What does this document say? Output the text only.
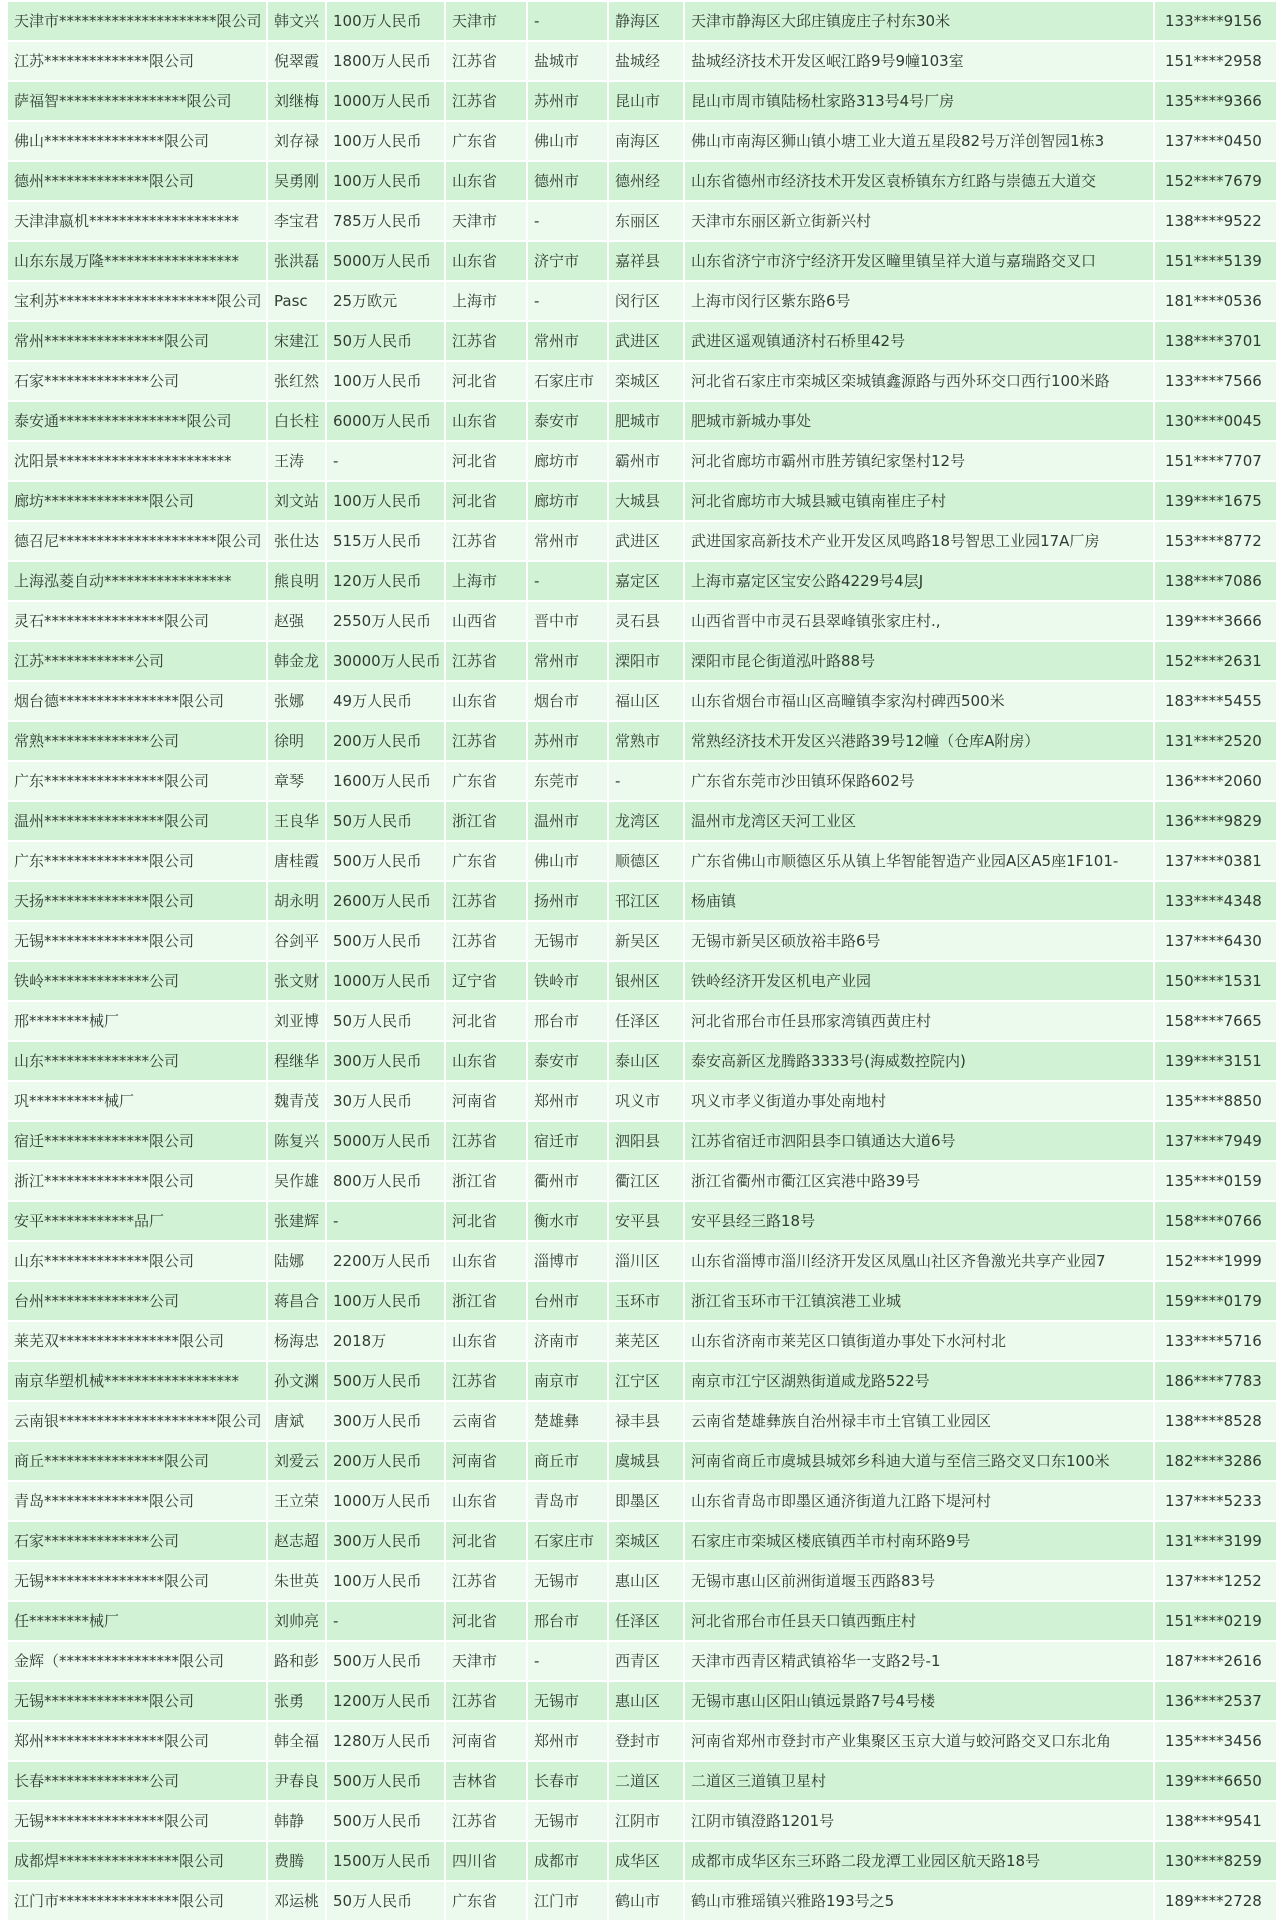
天津市*********************限公司	韩文兴	100万人民币	天津市	-	静海区	天津市静海区大邱庄镇庞庄子村东30米	133****9156
江苏**************限公司	倪翠霞	1800万人民币	江苏省	盐城市	盐城经	盐城经济技术开发区岷江路9号9幢103室	151****2958
萨福智*****************限公司	刘继梅	1000万人民币	江苏省	苏州市	昆山市	昆山市周市镇陆杨杜家路313号4号厂房	135****9366
佛山****************限公司	刘存禄	100万人民币	广东省	佛山市	南海区	佛山市南海区狮山镇小塘工业大道五星段82号万洋创智园1栋3	137****0450
德州**************限公司	吴勇刚	100万人民币	山东省	德州市	德州经	山东省德州市经济技术开发区袁桥镇东方红路与崇德五大道交	152****7679
天津津嬴机********************	李宝君	785万人民币	天津市	-	东丽区	天津市东丽区新立街新兴村	138****9522
山东东晟万隆******************	张洪磊	5000万人民币	山东省	济宁市	嘉祥县	山东省济宁市济宁经济开发区疃里镇呈祥大道与嘉瑞路交叉口	151****5139
宝利苏*********************限公司	Pasc	25万欧元	上海市	-	闵行区	上海市闵行区紫东路6号	181****0536
常州****************限公司	宋建江	50万人民币	江苏省	常州市	武进区	武进区遥观镇通济村石桥里42号	138****3701
石家**************公司	张红然	100万人民币	河北省	石家庄市	栾城区	河北省石家庄市栾城区栾城镇鑫源路与西外环交口西行100米路	133****7566
泰安通*****************限公司	白长柱	6000万人民币	山东省	泰安市	肥城市	肥城市新城办事处	130****0045
沈阳景***********************	王涛	-	河北省	廊坊市	霸州市	河北省廊坊市霸州市胜芳镇纪家堡村12号	151****7707
廊坊**************限公司	刘文站	100万人民币	河北省	廊坊市	大城县	河北省廊坊市大城县臧屯镇南崔庄子村	139****1675
德召尼*********************限公司	张仕达	515万人民币	江苏省	常州市	武进区	武进国家高新技术产业开发区凤鸣路18号智思工业园17A厂房	153****8772
上海泓菱自动*****************	熊良明	120万人民币	上海市	-	嘉定区	上海市嘉定区宝安公路4229号4层J	138****7086
灵石****************限公司	赵强	2550万人民币	山西省	晋中市	灵石县	山西省晋中市灵石县翠峰镇张家庄村.,	139****3666
江苏************公司	韩金龙	30000万人民币	江苏省	常州市	溧阳市	溧阳市昆仑街道泓叶路88号	152****2631
烟台德****************限公司	张娜	49万人民币	山东省	烟台市	福山区	山东省烟台市福山区高疃镇李家沟村碑西500米	183****5455
常熟**************公司	徐明	200万人民币	江苏省	苏州市	常熟市	常熟经济技术开发区兴港路39号12幢（仓库A附房）	131****2520
广东****************限公司	章琴	1600万人民币	广东省	东莞市	-	广东省东莞市沙田镇环保路602号	136****2060
温州****************限公司	王良华	50万人民币	浙江省	温州市	龙湾区	温州市龙湾区天河工业区	136****9829
广东**************限公司	唐桂霞	500万人民币	广东省	佛山市	顺德区	广东省佛山市顺德区乐从镇上华智能智造产业园A区A5座1F101-	137****0381
天扬**************限公司	胡永明	2600万人民币	江苏省	扬州市	邗江区	杨庙镇	133****4348
无锡**************限公司	谷剑平	500万人民币	江苏省	无锡市	新吴区	无锡市新吴区硕放裕丰路6号	137****6430
铁岭**************公司	张文财	1000万人民币	辽宁省	铁岭市	银州区	铁岭经济开发区机电产业园	150****1531
邢********械厂	刘亚博	50万人民币	河北省	邢台市	任泽区	河北省邢台市任县邢家湾镇西黄庄村	158****7665
山东**************公司	程继华	300万人民币	山东省	泰安市	泰山区	泰安高新区龙腾路3333号(海威数控院内)	139****3151
巩**********械厂	魏青茂	30万人民币	河南省	郑州市	巩义市	巩义市孝义街道办事处南地村	135****8850
宿迁**************限公司	陈复兴	5000万人民币	江苏省	宿迁市	泗阳县	江苏省宿迁市泗阳县李口镇通达大道6号	137****7949
浙江**************限公司	吴作雄	800万人民币	浙江省	衢州市	衢江区	浙江省衢州市衢江区宾港中路39号	135****0159
安平************品厂	张建辉	-	河北省	衡水市	安平县	安平县经三路18号	158****0766
山东**************限公司	陆娜	2200万人民币	山东省	淄博市	淄川区	山东省淄博市淄川经济开发区凤凰山社区齐鲁激光共享产业园7	152****1999
台州**************公司	蒋昌合	100万人民币	浙江省	台州市	玉环市	浙江省玉环市干江镇滨港工业城	159****0179
莱芜双****************限公司	杨海忠	2018万	山东省	济南市	莱芜区	山东省济南市莱芜区口镇街道办事处下水河村北	133****5716
南京华塑机械******************	孙文渊	500万人民币	江苏省	南京市	江宁区	南京市江宁区湖熟街道咸龙路522号	186****7783
云南银*********************限公司	唐斌	300万人民币	云南省	楚雄彝	禄丰县	云南省楚雄彝族自治州禄丰市土官镇工业园区	138****8528
商丘****************限公司	刘爱云	200万人民币	河南省	商丘市	虞城县	河南省商丘市虞城县城郊乡科迪大道与至信三路交叉口东100米	182****3286
青岛**************限公司	王立荣	1000万人民币	山东省	青岛市	即墨区	山东省青岛市即墨区通济街道九江路下堤河村	137****5233
石家**************公司	赵志超	300万人民币	河北省	石家庄市	栾城区	石家庄市栾城区楼底镇西羊市村南环路9号	131****3199
无锡****************限公司	朱世英	100万人民币	江苏省	无锡市	惠山区	无锡市惠山区前洲街道堰玉西路83号	137****1252
任********械厂	刘帅亮	-	河北省	邢台市	任泽区	河北省邢台市任县天口镇西甄庄村	151****0219
金辉（****************限公司	路和彭	500万人民币	天津市	-	西青区	天津市西青区精武镇裕华一支路2号-1	187****2616
无锡**************限公司	张勇	1200万人民币	江苏省	无锡市	惠山区	无锡市惠山区阳山镇远景路7号4号楼	136****2537
郑州****************限公司	韩全福	1280万人民币	河南省	郑州市	登封市	河南省郑州市登封市产业集聚区玉京大道与蛟河路交叉口东北角	135****3456
长春**************公司	尹春良	500万人民币	吉林省	长春市	二道区	二道区三道镇卫星村	139****6650
无锡****************限公司	韩静	500万人民币	江苏省	无锡市	江阴市	江阴市镇澄路1201号	138****9541
成都焊****************限公司	费腾	1500万人民币	四川省	成都市	成华区	成都市成华区东三环路二段龙潭工业园区航天路18号	130****8259
江门市****************限公司	邓运桃	50万人民币	广东省	江门市	鹤山市	鹤山市雅瑶镇兴雅路193号之5	189****2728
